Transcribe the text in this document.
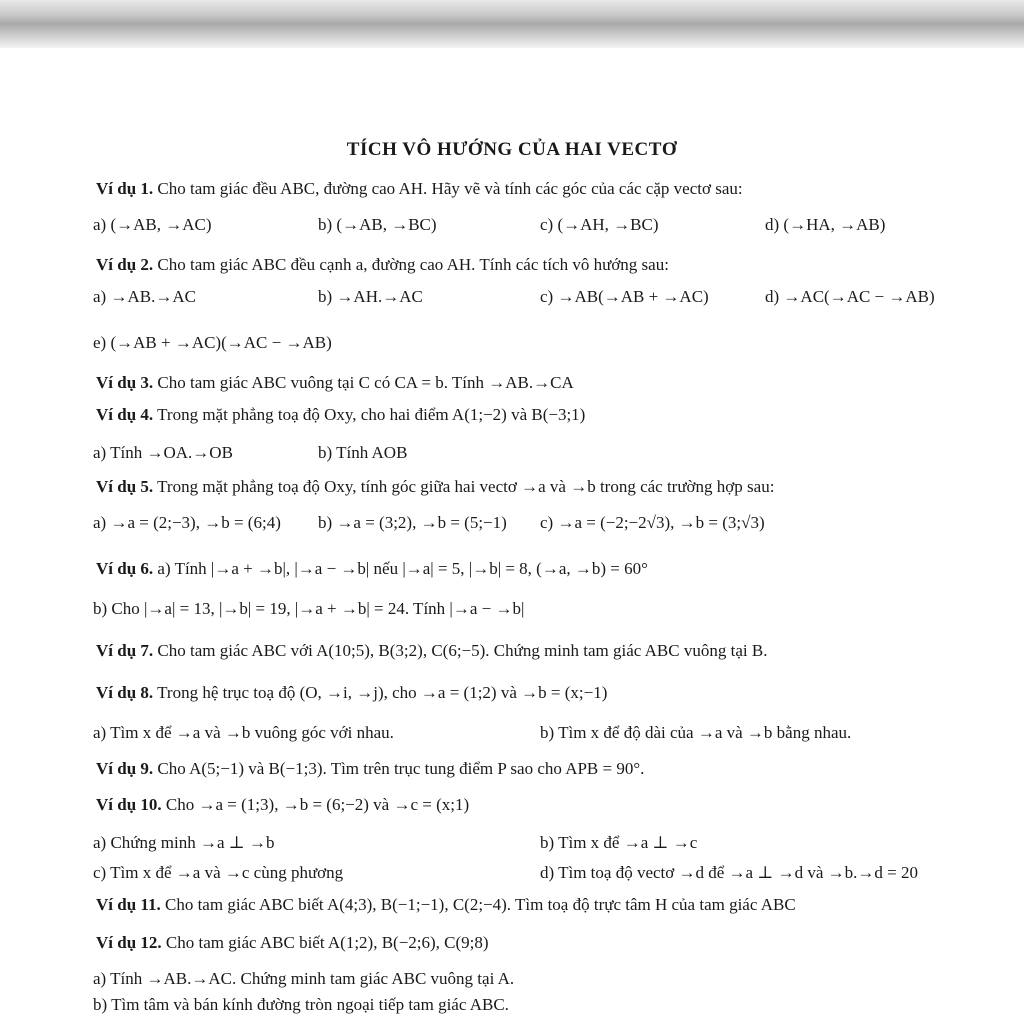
TÍCH VÔ HƯỚNG CỦA HAI VECTƠ
Ví dụ 1. Cho tam giác đều ABC, đường cao AH. Hãy vẽ và tính các góc của các cặp vectơ sau:
a) (→AB, →AC)	b) (→AB, →BC)	c) (→AH, →BC)	d) (→HA, →AB)
Ví dụ 2. Cho tam giác ABC đều cạnh a, đường cao AH. Tính các tích vô hướng sau:
a) →AB.→AC	b) →AH.→AC	c) →AB(→AB + →AC)	d) →AC(→AC − →AB)
e) (→AB + →AC)(→AC − →AB)
Ví dụ 3. Cho tam giác ABC vuông tại C có CA = b. Tính →AB.→CA
Ví dụ 4. Trong mặt phẳng toạ độ Oxy, cho hai điểm A(1;−2) và B(−3;1)
a) Tính →OA.→OB	b) Tính AOB
Ví dụ 5. Trong mặt phẳng toạ độ Oxy, tính góc giữa hai vectơ →a và →b trong các trường hợp sau:
a) →a = (2;−3), →b = (6;4) b) →a = (3;2), →b = (5;−1) c) →a = (−2;−2√3), →b = (3;√3)
Ví dụ 6. a) Tính |→a + →b|, |→a − →b| nếu |→a| = 5, |→b| = 8, (→a, →b) = 60°
b) Cho |→a| = 13, |→b| = 19, |→a + →b| = 24. Tính |→a − →b|
Ví dụ 7. Cho tam giác ABC với A(10;5), B(3;2), C(6;−5). Chứng minh tam giác ABC vuông tại B.
Ví dụ 8. Trong hệ trục toạ độ (O, →i, →j), cho →a = (1;2) và →b = (x;−1)
a) Tìm x để →a và →b vuông góc với nhau.	b) Tìm x để độ dài của →a và →b bằng nhau.
Ví dụ 9. Cho A(5;−1) và B(−1;3). Tìm trên trục tung điểm P sao cho APB = 90°.
Ví dụ 10. Cho →a = (1;3), →b = (6;−2) và →c = (x;1)
a) Chứng minh →a ⊥ →b	b) Tìm x để →a ⊥ →c
c) Tìm x để →a và →c cùng phương	d) Tìm toạ độ vectơ →d để →a ⊥ →d và →b.→d = 20
Ví dụ 11. Cho tam giác ABC biết A(4;3), B(−1;−1), C(2;−4). Tìm toạ độ trực tâm H của tam giác ABC
Ví dụ 12. Cho tam giác ABC biết A(1;2), B(−2;6), C(9;8)
a) Tính →AB.→AC. Chứng minh tam giác ABC vuông tại A.
b) Tìm tâm và bán kính đường tròn ngoại tiếp tam giác ABC.
